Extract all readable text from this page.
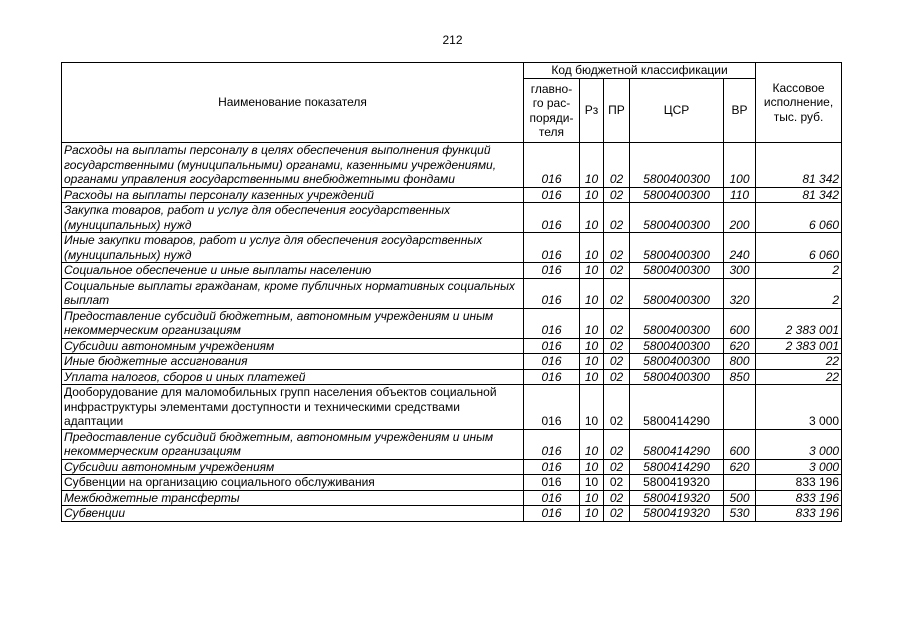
212
Наименование показателя	Код бюджетной классификации					Кассовое
исполнение,
тыс. руб.

	главно-
го рас-
поряди-
теля	Рз	ПР	ЦСР	ВР	
Расходы на выплаты персоналу в целях обеспечения выполнения функций государственными (муниципальными) органами, казенными учреждениями, органами управления государственными внебюджетными фондами	016	10	02	5800400300	100	81 342
Расходы на выплаты персоналу казенных учреждений	016	10	02	5800400300	110	81 342
Закупка товаров, работ и услуг для обеспечения государственных (муниципальных) нужд	016	10	02	5800400300	200	6 060
Иные закупки товаров, работ и услуг для обеспечения государственных (муниципальных) нужд	016	10	02	5800400300	240	6 060
Социальное обеспечение и иные выплаты населению	016	10	02	5800400300	300	2
Социальные выплаты гражданам, кроме публичных нормативных социальных выплат	016	10	02	5800400300	320	2
Предоставление субсидий бюджетным, автономным учреждениям и иным некоммерческим организациям	016	10	02	5800400300	600	2 383 001
Субсидии автономным учреждениям	016	10	02	5800400300	620	2 383 001
Иные бюджетные ассигнования	016	10	02	5800400300	800	22
Уплата налогов, сборов и иных платежей	016	10	02	5800400300	850	22
Дооборудование для маломобильных групп населения объектов социальной инфраструктуры элементами доступности и техническими средствами адаптации	016	10	02	5800414290		3 000
Предоставление субсидий бюджетным, автономным учреждениям и иным некоммерческим организациям	016	10	02	5800414290	600	3 000
Субсидии автономным учреждениям	016	10	02	5800414290	620	3 000
Субвенции на организацию социального обслуживания	016	10	02	5800419320		833 196
Межбюджетные трансферты	016	10	02	5800419320	500	833 196
Субвенции	016	10	02	5800419320	530	833 196
